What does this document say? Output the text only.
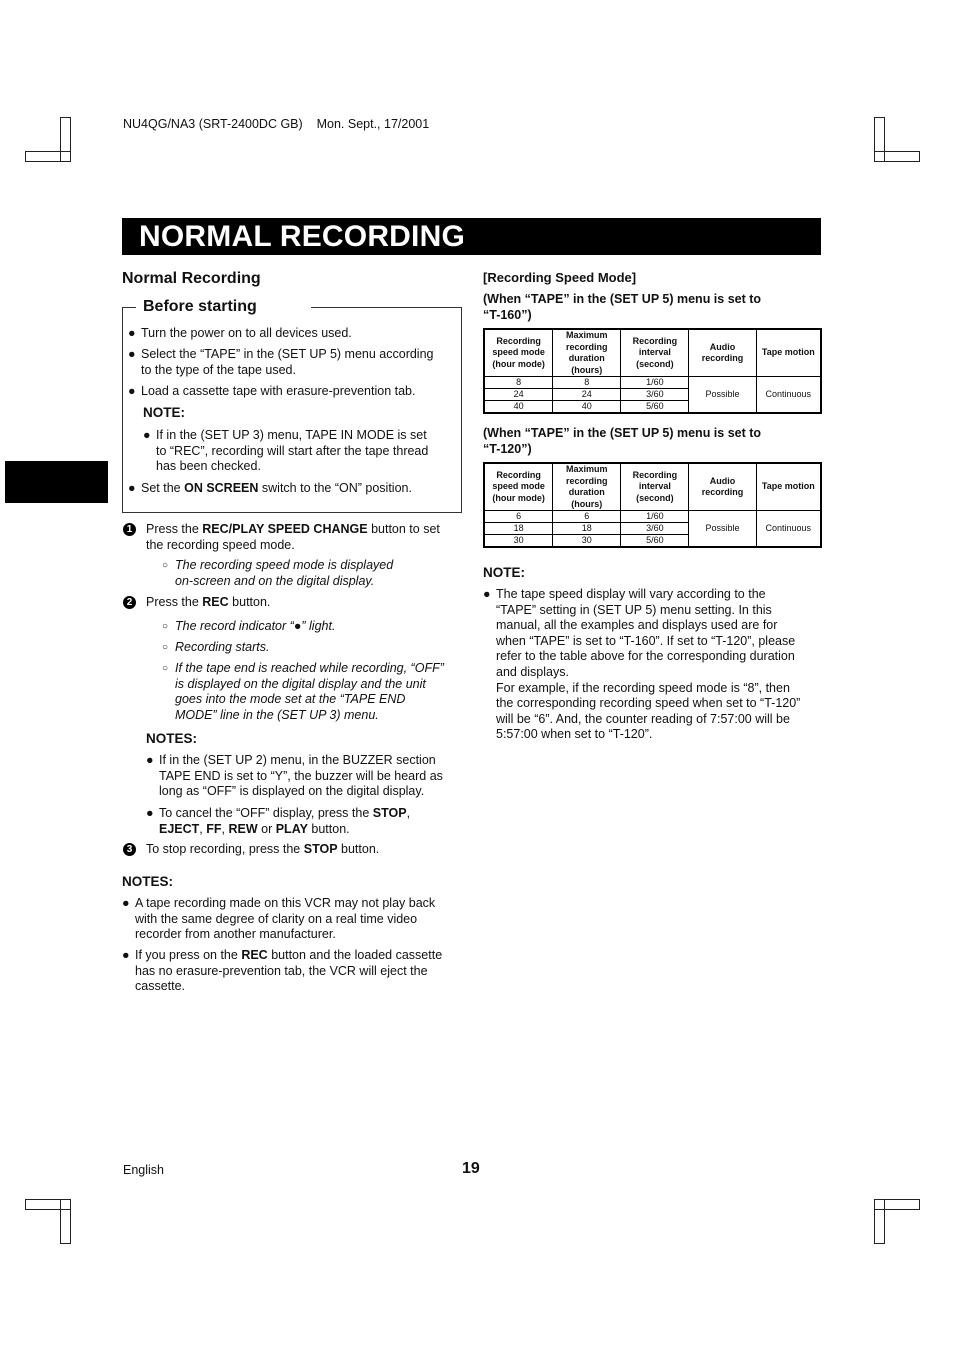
NU4QG/NA3 (SRT-2400DC GB) Mon. Sept., 17/2001
NORMAL RECORDING
Normal Recording
Before starting
● Turn the power on to all devices used.
● Select the “TAPE” in the (SET UP 5) menu according
to the type of the tape used.
● Load a cassette tape with erasure-prevention tab.
NOTE:
● If in the (SET UP 3) menu, TAPE IN MODE is set
to “REC”, recording will start after the tape thread
has been checked.
● Set the ON SCREEN switch to the “ON” position.
1 Press the REC/PLAY SPEED CHANGE button to set
the recording speed mode.
○ The recording speed mode is displayed
on-screen and on the digital display.
2 Press the REC button.
○ The record indicator “●” light.
○ Recording starts.
○ If the tape end is reached while recording, “OFF”
is displayed on the digital display and the unit
goes into the mode set at the “TAPE END
MODE” line in the (SET UP 3) menu.
NOTES:
● If in the (SET UP 2) menu, in the BUZZER section
TAPE END is set to “Y”, the buzzer will be heard as
long as “OFF” is displayed on the digital display.
● To cancel the “OFF” display, press the STOP,
EJECT, FF, REW or PLAY button.
3 To stop recording, press the STOP button.
NOTES:
● A tape recording made on this VCR may not play back
with the same degree of clarity on a real time video
recorder from another manufacturer.
● If you press on the REC button and the loaded cassette
has no erasure-prevention tab, the VCR will eject the
cassette.
[Recording Speed Mode]
(When “TAPE” in the (SET UP 5) menu is set to
“T-160”)
Recording
speed mode
(hour mode)	Maximum
recording
duration
(hours)	Recording
interval
(second)	Audio
recording	Tape motion
8	8	1/60	Possible	Continuous
24	24	3/60		
40	40	5/60		
(When “TAPE” in the (SET UP 5) menu is set to
“T-120”)
Recording
speed mode
(hour mode)	Maximum
recording
duration
(hours)	Recording
interval
(second)	Audio
recording	Tape motion
6	6	1/60	Possible	Continuous
18	18	3/60		
30	30	5/60		
NOTE:
● The tape speed display will vary according to the
“TAPE” setting in (SET UP 5) menu setting. In this
manual, all the examples and displays used are for
when “TAPE” is set to “T-160”. If set to “T-120”, please
refer to the table above for the corresponding duration
and displays.
For example, if the recording speed mode is “8”, then
the corresponding recording speed when set to “T-120”
will be “6”. And, the counter reading of 7:57:00 will be
5:57:00 when set to “T-120”.
English	19
